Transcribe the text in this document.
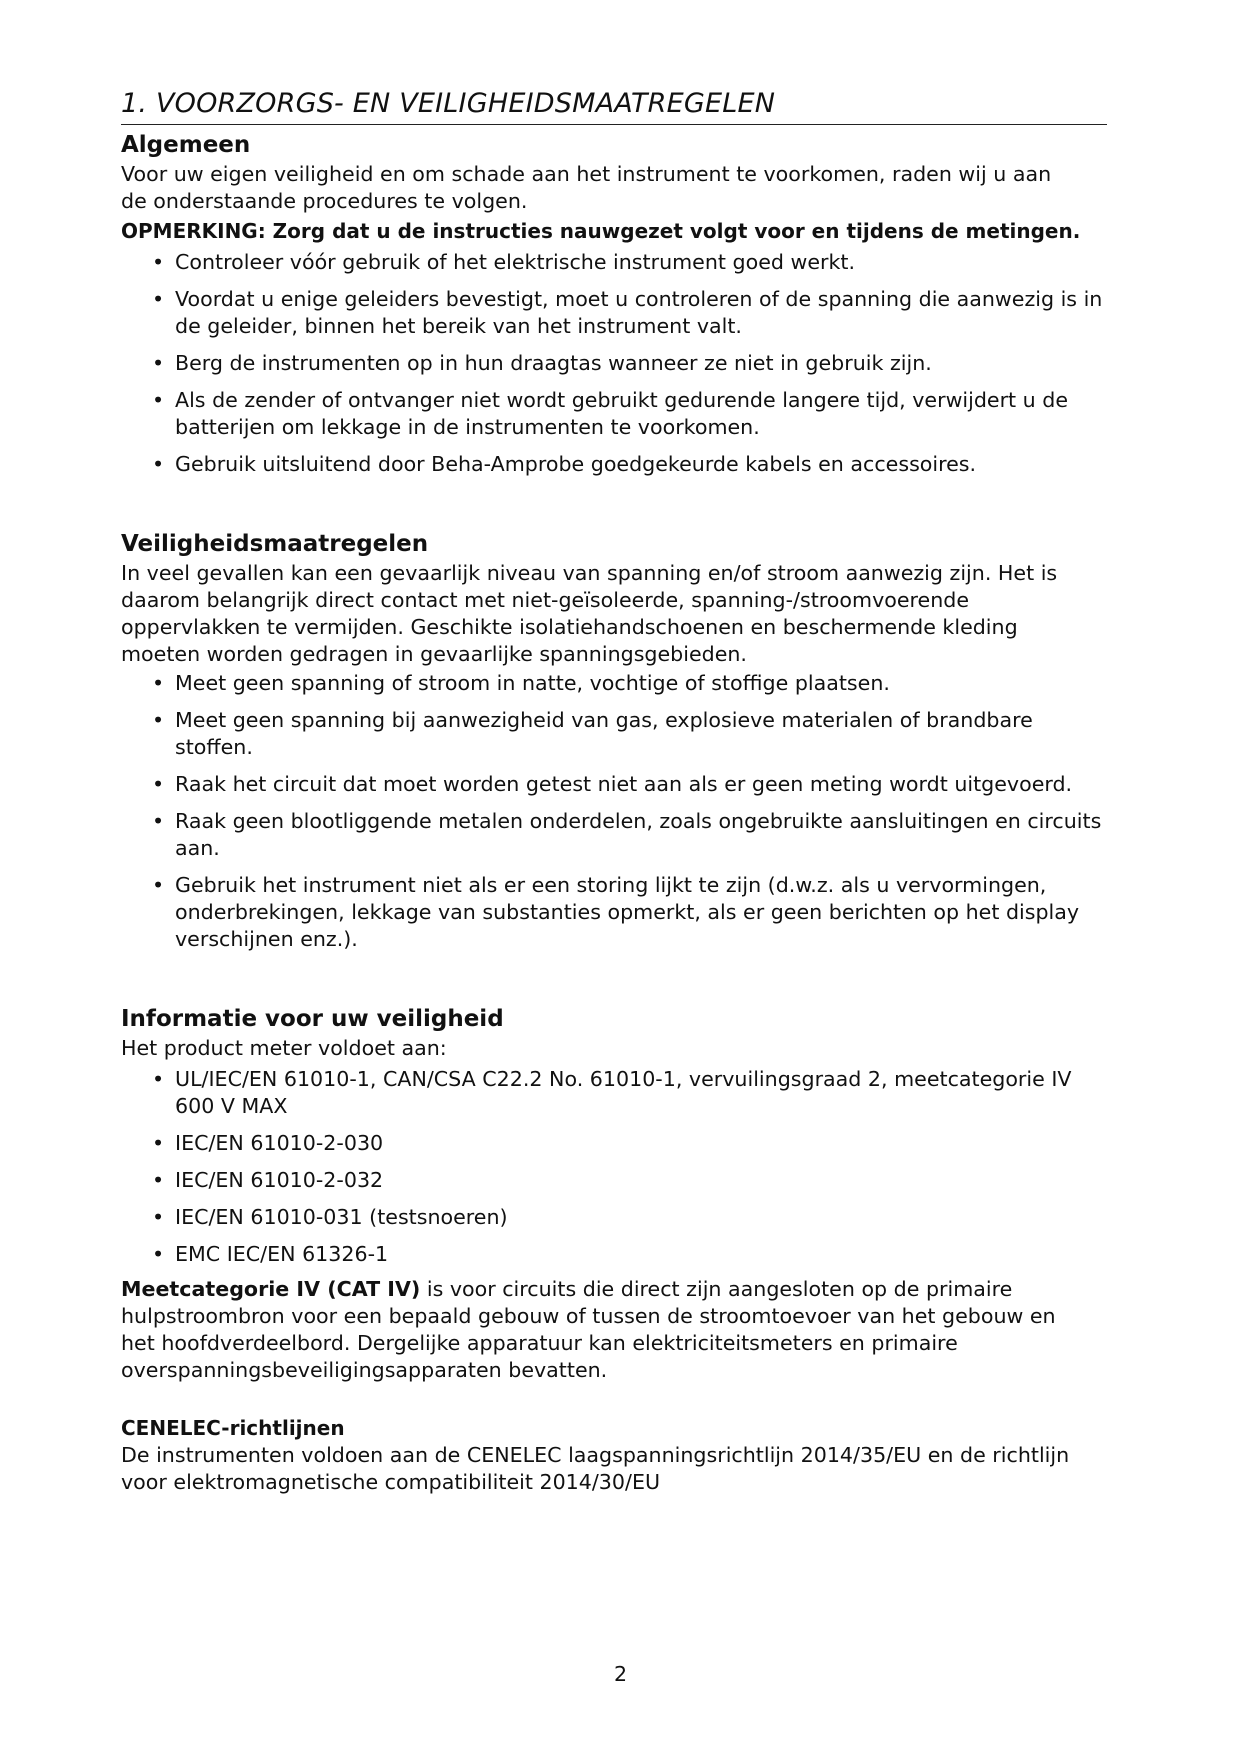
1. VOORZORGS- EN VEILIGHEIDSMAATREGELEN
Algemeen

Voor uw eigen veiligheid en om schade aan het instrument te voorkomen, raden wij u aan de onderstaande procedures te volgen.

OPMERKING: Zorg dat u de instructies nauwgezet volgt voor en tijdens de metingen.

• Controleer vóór gebruik of het elektrische instrument goed werkt.
• Voordat u enige geleiders bevestigt, moet u controleren of de spanning die aanwezig is in de geleider, binnen het bereik van het instrument valt.
• Berg de instrumenten op in hun draagtas wanneer ze niet in gebruik zijn.
• Als de zender of ontvanger niet wordt gebruikt gedurende langere tijd, verwijdert u de batterijen om lekkage in de instrumenten te voorkomen.
• Gebruik uitsluitend door Beha-Amprobe goedgekeurde kabels en accessoires.
Veiligheidsmaatregelen

In veel gevallen kan een gevaarlijk niveau van spanning en/of stroom aanwezig zijn. Het is daarom belangrijk direct contact met niet-geïsoleerde, spanning-/stroomvoerende oppervlakken te vermijden. Geschikte isolatiehandschoenen en beschermende kleding moeten worden gedragen in gevaarlijke spanningsgebieden.

• Meet geen spanning of stroom in natte, vochtige of stoffige plaatsen.
• Meet geen spanning bij aanwezigheid van gas, explosieve materialen of brandbare stoffen.
• Raak het circuit dat moet worden getest niet aan als er geen meting wordt uitgevoerd.
• Raak geen blootliggende metalen onderdelen, zoals ongebruikte aansluitingen en circuits aan.
• Gebruik het instrument niet als er een storing lijkt te zijn (d.w.z. als u vervormingen, onderbrekingen, lekkage van substanties opmerkt, als er geen berichten op het display verschijnen enz.).
Informatie voor uw veiligheid

Het product meter voldoet aan:

• UL/IEC/EN 61010-1, CAN/CSA C22.2 No. 61010-1, vervuilingsgraad 2, meetcategorie IV 600 V MAX
• IEC/EN 61010-2-030
• IEC/EN 61010-2-032
• IEC/EN 61010-031 (testsnoeren)
• EMC IEC/EN 61326-1

Meetcategorie IV (CAT IV) is voor circuits die direct zijn aangesloten op de primaire hulpstroombron voor een bepaald gebouw of tussen de stroomtoevoer van het gebouw en het hoofdverdeelbord. Dergelijke apparatuur kan elektriciteitsmeters en primaire overspanningsbeveiligingsapparaten bevatten.

CENELEC-richtlijnen

De instrumenten voldoen aan de CENELEC laagspanningsrichtlijn 2014/35/EU en de richtlijn voor elektromagnetische compatibiliteit 2014/30/EU

2
